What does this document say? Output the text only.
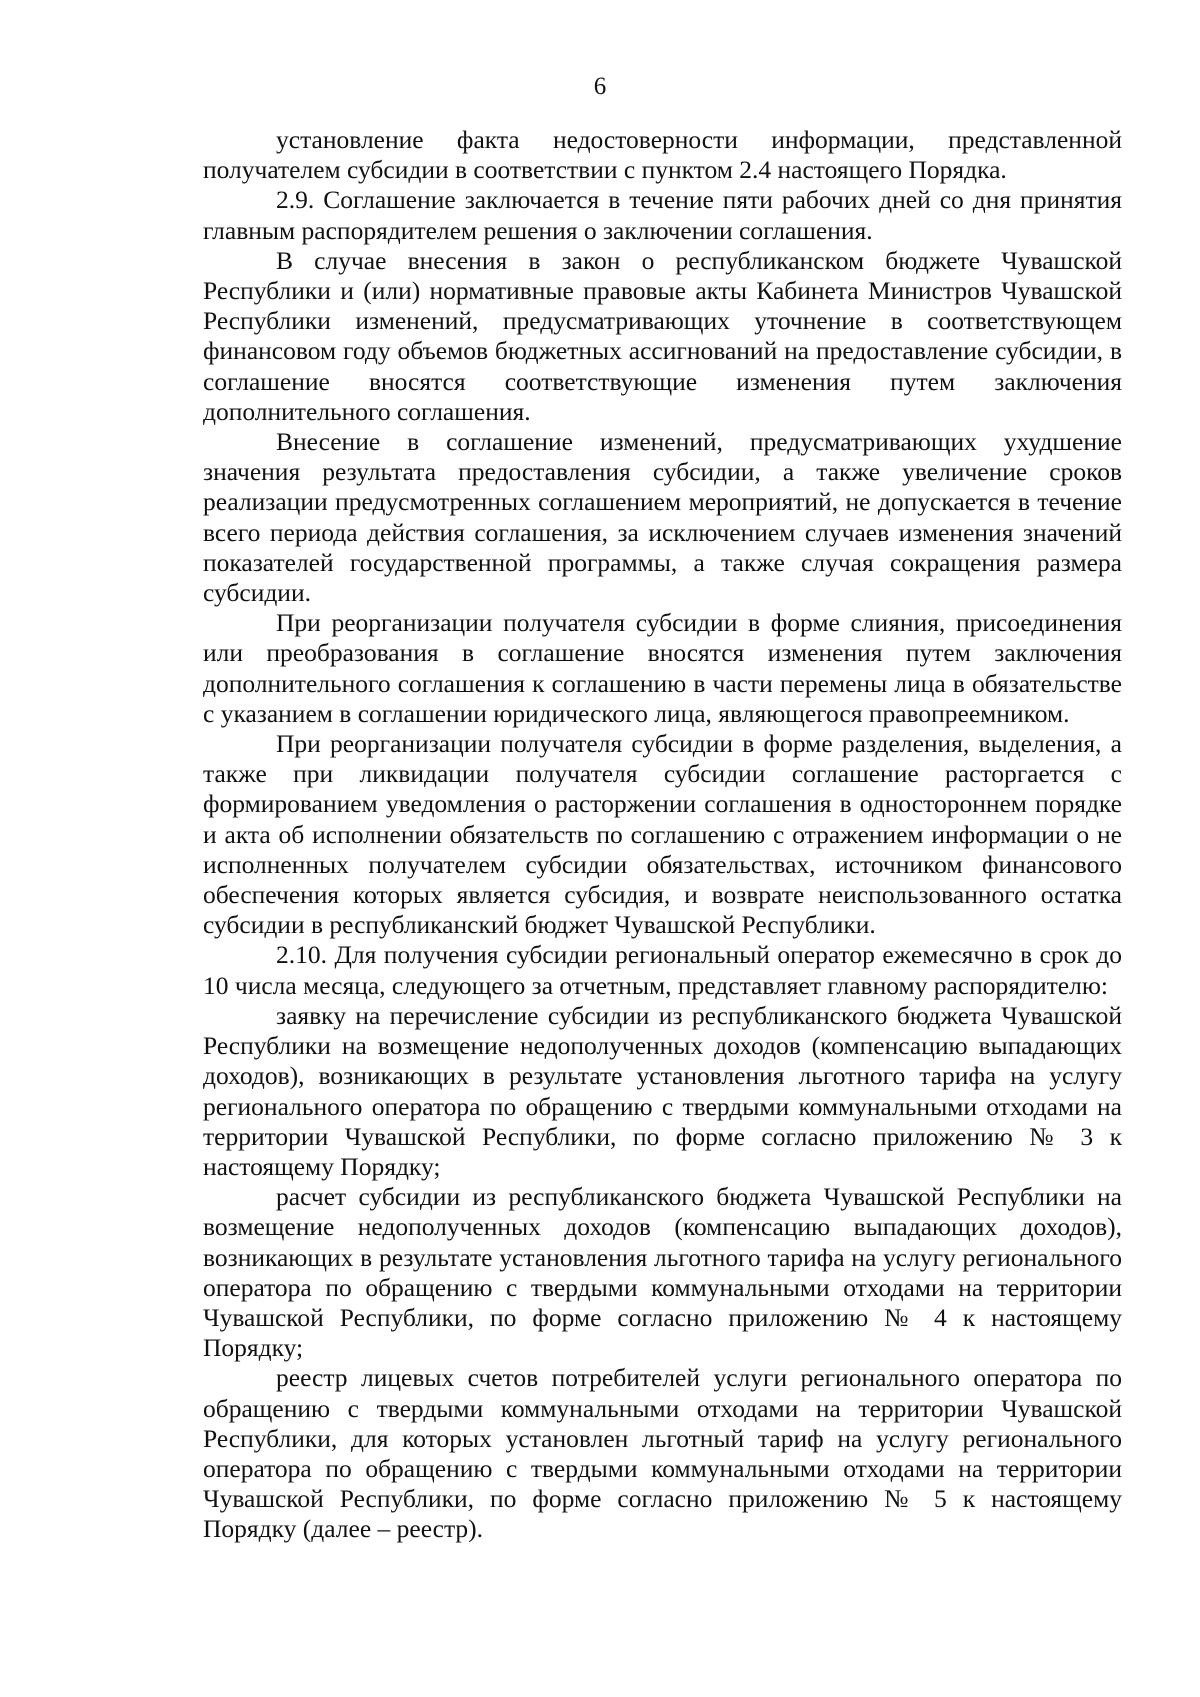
6

установление факта недостоверности информации, представленной получателем субсидии в соответствии с пунктом 2.4 настоящего Порядка.

2.9. Соглашение заключается в течение пяти рабочих дней со дня принятия главным распорядителем решения о заключении соглашения.

В случае внесения в закон о республиканском бюджете Чувашской Республики и (или) нормативные правовые акты Кабинета Министров Чувашской Республики изменений, предусматривающих уточнение в соответствующем финансовом году объемов бюджетных ассигнований на предоставление субсидии, в соглашение вносятся соответствующие изменения путем заключения дополнительного соглашения.

Внесение в соглашение изменений, предусматривающих ухудшение значения результата предоставления субсидии, а также увеличение сроков реализации предусмотренных соглашением мероприятий, не допускается в течение всего периода действия соглашения, за исключением случаев изменения значений показателей государственной программы, а также случая сокращения размера субсидии.

При реорганизации получателя субсидии в форме слияния, присоединения или преобразования в соглашение вносятся изменения путем заключения дополнительного соглашения к соглашению в части перемены лица в обязательстве с указанием в соглашении юридического лица, являющегося правопреемником.

При реорганизации получателя субсидии в форме разделения, выделения, а также при ликвидации получателя субсидии соглашение расторгается с формированием уведомления о расторжении соглашения в одностороннем порядке и акта об исполнении обязательств по соглашению с отражением информации о не исполненных получателем субсидии обязательствах, источником финансового обеспечения которых является субсидия, и возврате неиспользованного остатка субсидии в республиканский бюджет Чувашской Республики.

2.10. Для получения субсидии региональный оператор ежемесячно в срок до 10 числа месяца, следующего за отчетным, представляет главному распорядителю:

заявку на перечисление субсидии из республиканского бюджета Чувашской Республики на возмещение недополученных доходов (компенсацию выпадающих доходов), возникающих в результате установления льготного тарифа на услугу регионального оператора по обращению с твердыми коммунальными отходами на территории Чувашской Республики, по форме согласно приложению № 3 к настоящему Порядку;

расчет субсидии из республиканского бюджета Чувашской Республики на возмещение недополученных доходов (компенсацию выпадающих доходов), возникающих в результате установления льготного тарифа на услугу регионального оператора по обращению с твердыми коммунальными отходами на территории Чувашской Республики, по форме согласно приложению № 4 к настоящему Порядку;

реестр лицевых счетов потребителей услуги регионального оператора по обращению с твердыми коммунальными отходами на территории Чувашской Республики, для которых установлен льготный тариф на услугу регионального оператора по обращению с твердыми коммунальными отходами на территории Чувашской Республики, по форме согласно приложению № 5 к настоящему Порядку (далее – реестр).
